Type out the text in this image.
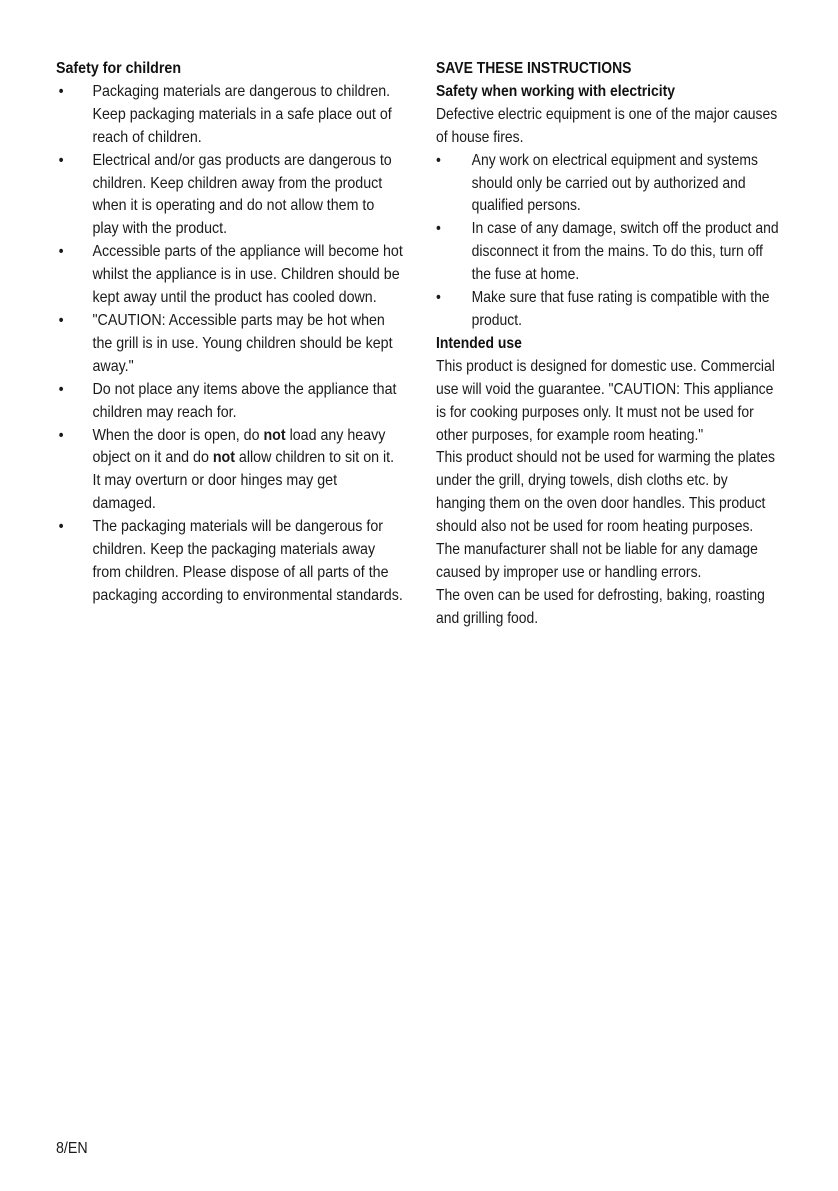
Safety for children
• Packaging materials are dangerous to children. Keep packaging materials in a safe place out of reach of children.
• Electrical and/or gas products are dangerous to children. Keep children away from the product when it is operating and do not allow them to play with the product.
• Accessible parts of the appliance will become hot whilst the appliance is in use. Children should be kept away until the product has cooled down.
• "CAUTION: Accessible parts may be hot when the grill is in use. Young children should be kept away."
• Do not place any items above the appliance that children may reach for.
• When the door is open, do not load any heavy object on it and do not allow children to sit on it. It may overturn or door hinges may get damaged.
• The packaging materials will be dangerous for children. Keep the packaging materials away from children. Please dispose of all parts of the packaging according to environmental standards.
SAVE THESE INSTRUCTIONS
Safety when working with electricity

Defective electric equipment is one of the major causes of house fires.

• Any work on electrical equipment and systems should only be carried out by authorized and qualified persons.
• In case of any damage, switch off the product and disconnect it from the mains. To do this, turn off the fuse at home.
• Make sure that fuse rating is compatible with the product.
Intended use

This product is designed for domestic use. Commercial use will void the guarantee. "CAUTION: This appliance is for cooking purposes only. It must not be used for other purposes, for example room heating."

This product should not be used for warming the plates under the grill, drying towels, dish cloths etc. by hanging them on the oven door handles. This product should also not be used for room heating purposes.

The manufacturer shall not be liable for any damage caused by improper use or handling errors.

The oven can be used for defrosting, baking, roasting and grilling food.

8/EN
